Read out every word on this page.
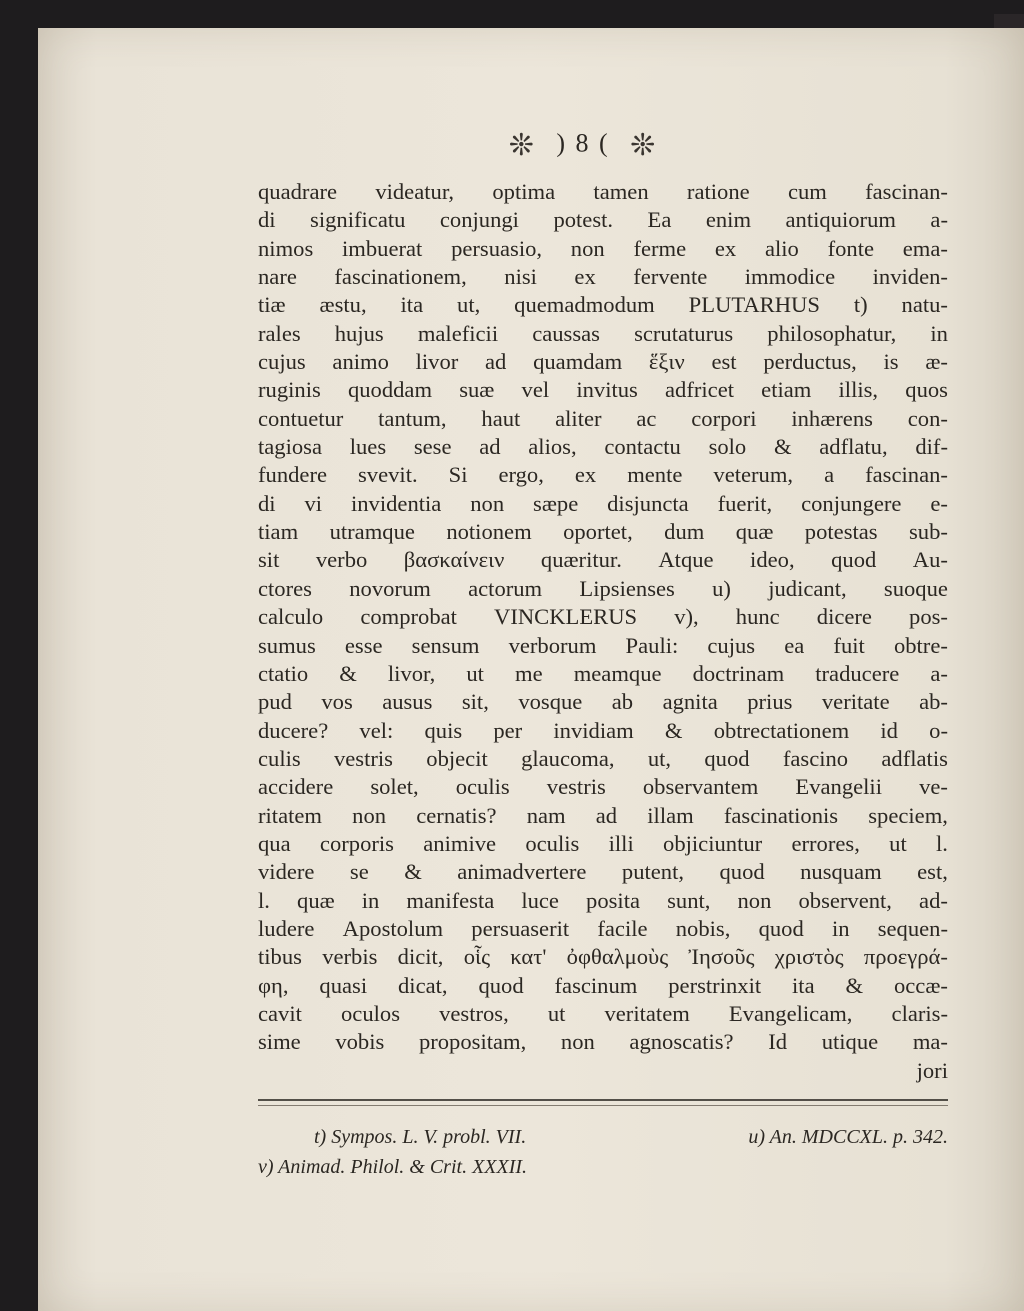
❊ ) 8 ( ❊
quadrare videatur, optima tamen ratione cum fascinan-
di significatu conjungi potest. Ea enim antiquiorum a-
nimos imbuerat persuasio, non ferme ex alio fonte ema-
nare fascinationem, nisi ex fervente immodice inviden-
tiæ æstu, ita ut, quemadmodum PLUTARHUS t) natu-
rales hujus maleficii caussas scrutaturus philosophatur, in
cujus animo livor ad quamdam ἕξιν est perductus, is æ-
ruginis quoddam suæ vel invitus adfricet etiam illis, quos
contuetur tantum, haut aliter ac corpori inhærens con-
tagiosa lues sese ad alios, contactu solo & adflatu, dif-
fundere svevit. Si ergo, ex mente veterum, a fascinan-
di vi invidentia non sæpe disjuncta fuerit, conjungere e-
tiam utramque notionem oportet, dum quæ potestas sub-
sit verbo βασκαίνειν quæritur. Atque ideo, quod Au-
ctores novorum actorum Lipsienses u) judicant, suoque
calculo comprobat VINCKLERUS v), hunc dicere pos-
sumus esse sensum verborum Pauli: cujus ea fuit obtre-
ctatio & livor, ut me meamque doctrinam traducere a-
pud vos ausus sit, vosque ab agnita prius veritate ab-
ducere? vel: quis per invidiam & obtrectationem id o-
culis vestris objecit glaucoma, ut, quod fascino adflatis
accidere solet, oculis vestris observantem Evangelii ve-
ritatem non cernatis? nam ad illam fascinationis speciem,
qua corporis animive oculis illi objiciuntur errores, ut l.
videre se & animadvertere putent, quod nusquam est,
l. quæ in manifesta luce posita sunt, non observent, ad-
ludere Apostolum persuaserit facile nobis, quod in sequen-
tibus verbis dicit, οἷς κατ' ὀφθαλμοὺς Ἰησοῦς χριστὸς προεγρά-
φη, quasi dicat, quod fascinum perstrinxit ita & occæ-
cavit oculos vestros, ut veritatem Evangelicam, claris-
sime vobis propositam, non agnoscatis? Id utique ma-
jori
t) Sympos. L. V. probl. VII.	u) An. MDCCXL. p. 342.
v) Animad. Philol. & Crit. XXXII.
